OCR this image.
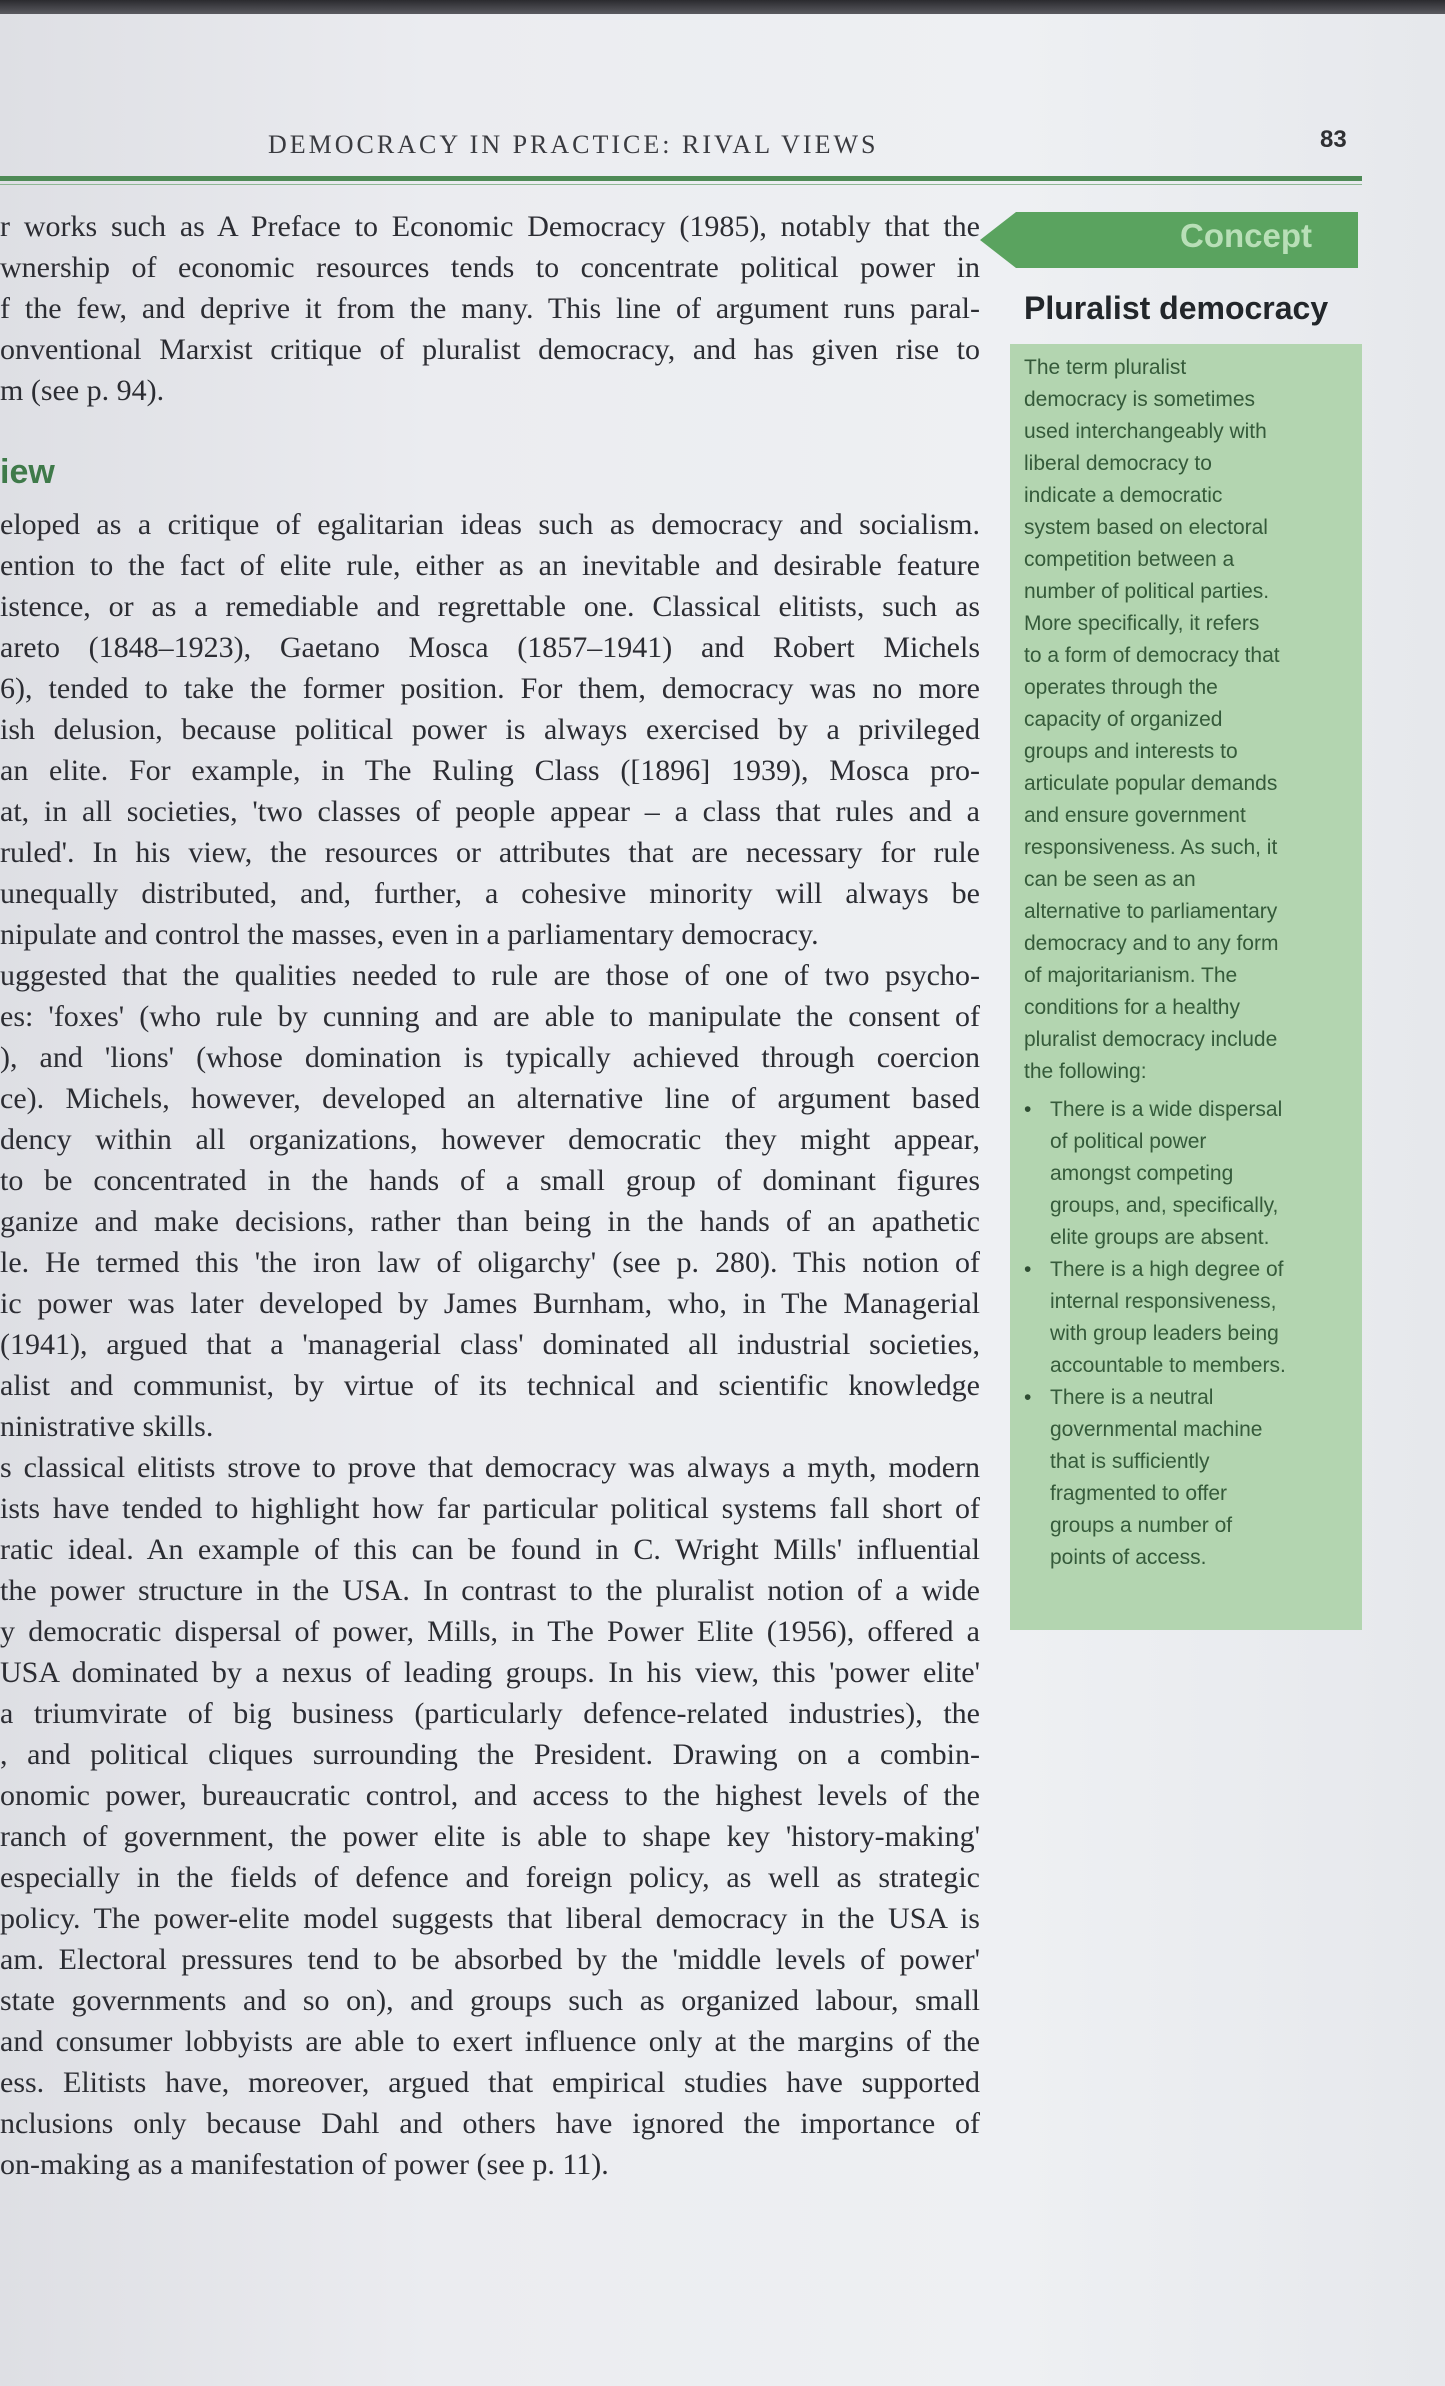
DEMOCRACY IN PRACTICE: RIVAL VIEWS	83
r works such as A Preface to Economic Democracy (1985), notably that the
wnership of economic resources tends to concentrate political power in
f the few, and deprive it from the many. This line of argument runs paral-
onventional Marxist critique of pluralist democracy, and has given rise to
m (see p. 94).
iew
eloped as a critique of egalitarian ideas such as democracy and socialism.
ention to the fact of elite rule, either as an inevitable and desirable feature
istence, or as a remediable and regrettable one. Classical elitists, such as
areto (1848–1923), Gaetano Mosca (1857–1941) and Robert Michels
6), tended to take the former position. For them, democracy was no more
ish delusion, because political power is always exercised by a privileged
an elite. For example, in The Ruling Class ([1896] 1939), Mosca pro-
at, in all societies, 'two classes of people appear – a class that rules and a
ruled'. In his view, the resources or attributes that are necessary for rule
unequally distributed, and, further, a cohesive minority will always be
nipulate and control the masses, even in a parliamentary democracy.
uggested that the qualities needed to rule are those of one of two psycho-
es: 'foxes' (who rule by cunning and are able to manipulate the consent of
), and 'lions' (whose domination is typically achieved through coercion
ce). Michels, however, developed an alternative line of argument based
dency within all organizations, however democratic they might appear,
to be concentrated in the hands of a small group of dominant figures
ganize and make decisions, rather than being in the hands of an apathetic
le. He termed this 'the iron law of oligarchy' (see p. 280). This notion of
ic power was later developed by James Burnham, who, in The Managerial
(1941), argued that a 'managerial class' dominated all industrial societies,
alist and communist, by virtue of its technical and scientific knowledge
ninistrative skills.
s classical elitists strove to prove that democracy was always a myth, modern
ists have tended to highlight how far particular political systems fall short of
ratic ideal. An example of this can be found in C. Wright Mills' influential
the power structure in the USA. In contrast to the pluralist notion of a wide
y democratic dispersal of power, Mills, in The Power Elite (1956), offered a
USA dominated by a nexus of leading groups. In his view, this 'power elite'
a triumvirate of big business (particularly defence-related industries), the
, and political cliques surrounding the President. Drawing on a combin-
onomic power, bureaucratic control, and access to the highest levels of the
ranch of government, the power elite is able to shape key 'history-making'
especially in the fields of defence and foreign policy, as well as strategic
policy. The power-elite model suggests that liberal democracy in the USA is
am. Electoral pressures tend to be absorbed by the 'middle levels of power'
state governments and so on), and groups such as organized labour, small
and consumer lobbyists are able to exert influence only at the margins of the
ess. Elitists have, moreover, argued that empirical studies have supported
nclusions only because Dahl and others have ignored the importance of
on-making as a manifestation of power (see p. 11).
Concept
Pluralist democracy
The term pluralist
democracy is sometimes
used interchangeably with
liberal democracy to
indicate a democratic
system based on electoral
competition between a
number of political parties.
More specifically, it refers
to a form of democracy that
operates through the
capacity of organized
groups and interests to
articulate popular demands
and ensure government
responsiveness. As such, it
can be seen as an
alternative to parliamentary
democracy and to any form
of majoritarianism. The
conditions for a healthy
pluralist democracy include
the following:
• There is a wide dispersal
of political power
amongst competing
groups, and, specifically,
elite groups are absent.
• There is a high degree of
internal responsiveness,
with group leaders being
accountable to members.
• There is a neutral
governmental machine
that is sufficiently
fragmented to offer
groups a number of
points of access.
